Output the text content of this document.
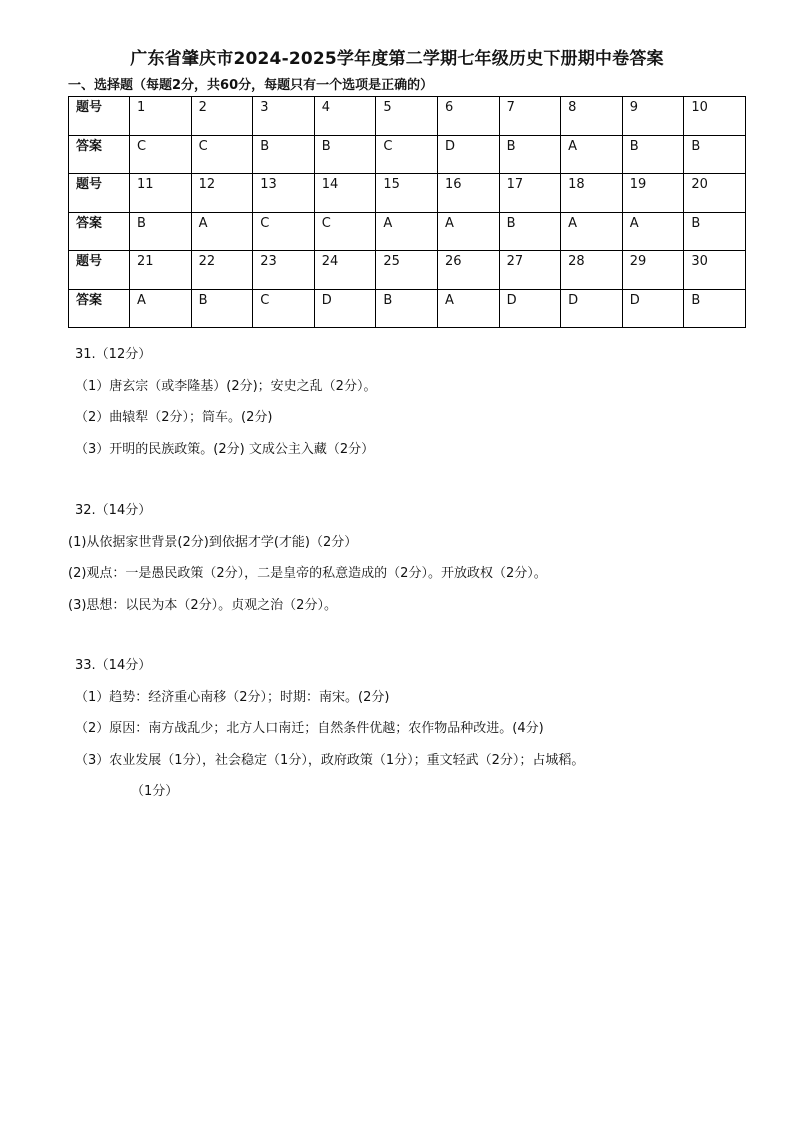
广东省肇庆市2024-2025学年度第二学期七年级历史下册期中卷答案
一、选择题（每题2分，共60分，每题只有一个选项是正确的）
题号	1	2	3	4	5	6	7	8	9	10
答案	C	C	B	B	C	D	B	A	B	B
题号	11	12	13	14	15	16	17	18	19	20
答案	B	A	C	C	A	A	B	A	A	B
题号	21	22	23	24	25	26	27	28	29	30
答案	A	B	C	D	B	A	D	D	D	B

31.（12分）

（1）唐玄宗（或李隆基）(2分)；安史之乱（2分）。

（2）曲辕犁（2分）；筒车。(2分)

（3）开明的民族政策。(2分) 文成公主入藏（2分）

32.（14分）

(1)从依据家世背景(2分)到依据才学(才能)（2分）

(2)观点：一是愚民政策（2分），二是皇帝的私意造成的（2分）。开放政权（2分）。

(3)思想：以民为本（2分）。贞观之治（2分）。

33.（14分）

（1）趋势：经济重心南移（2分）；时期：南宋。(2分)

（2）原因：南方战乱少；北方人口南迁；自然条件优越；农作物品种改进。(4分)

（3）农业发展（1分），社会稳定（1分），政府政策（1分）；重文轻武（2分）；占城稻。

（1分）
